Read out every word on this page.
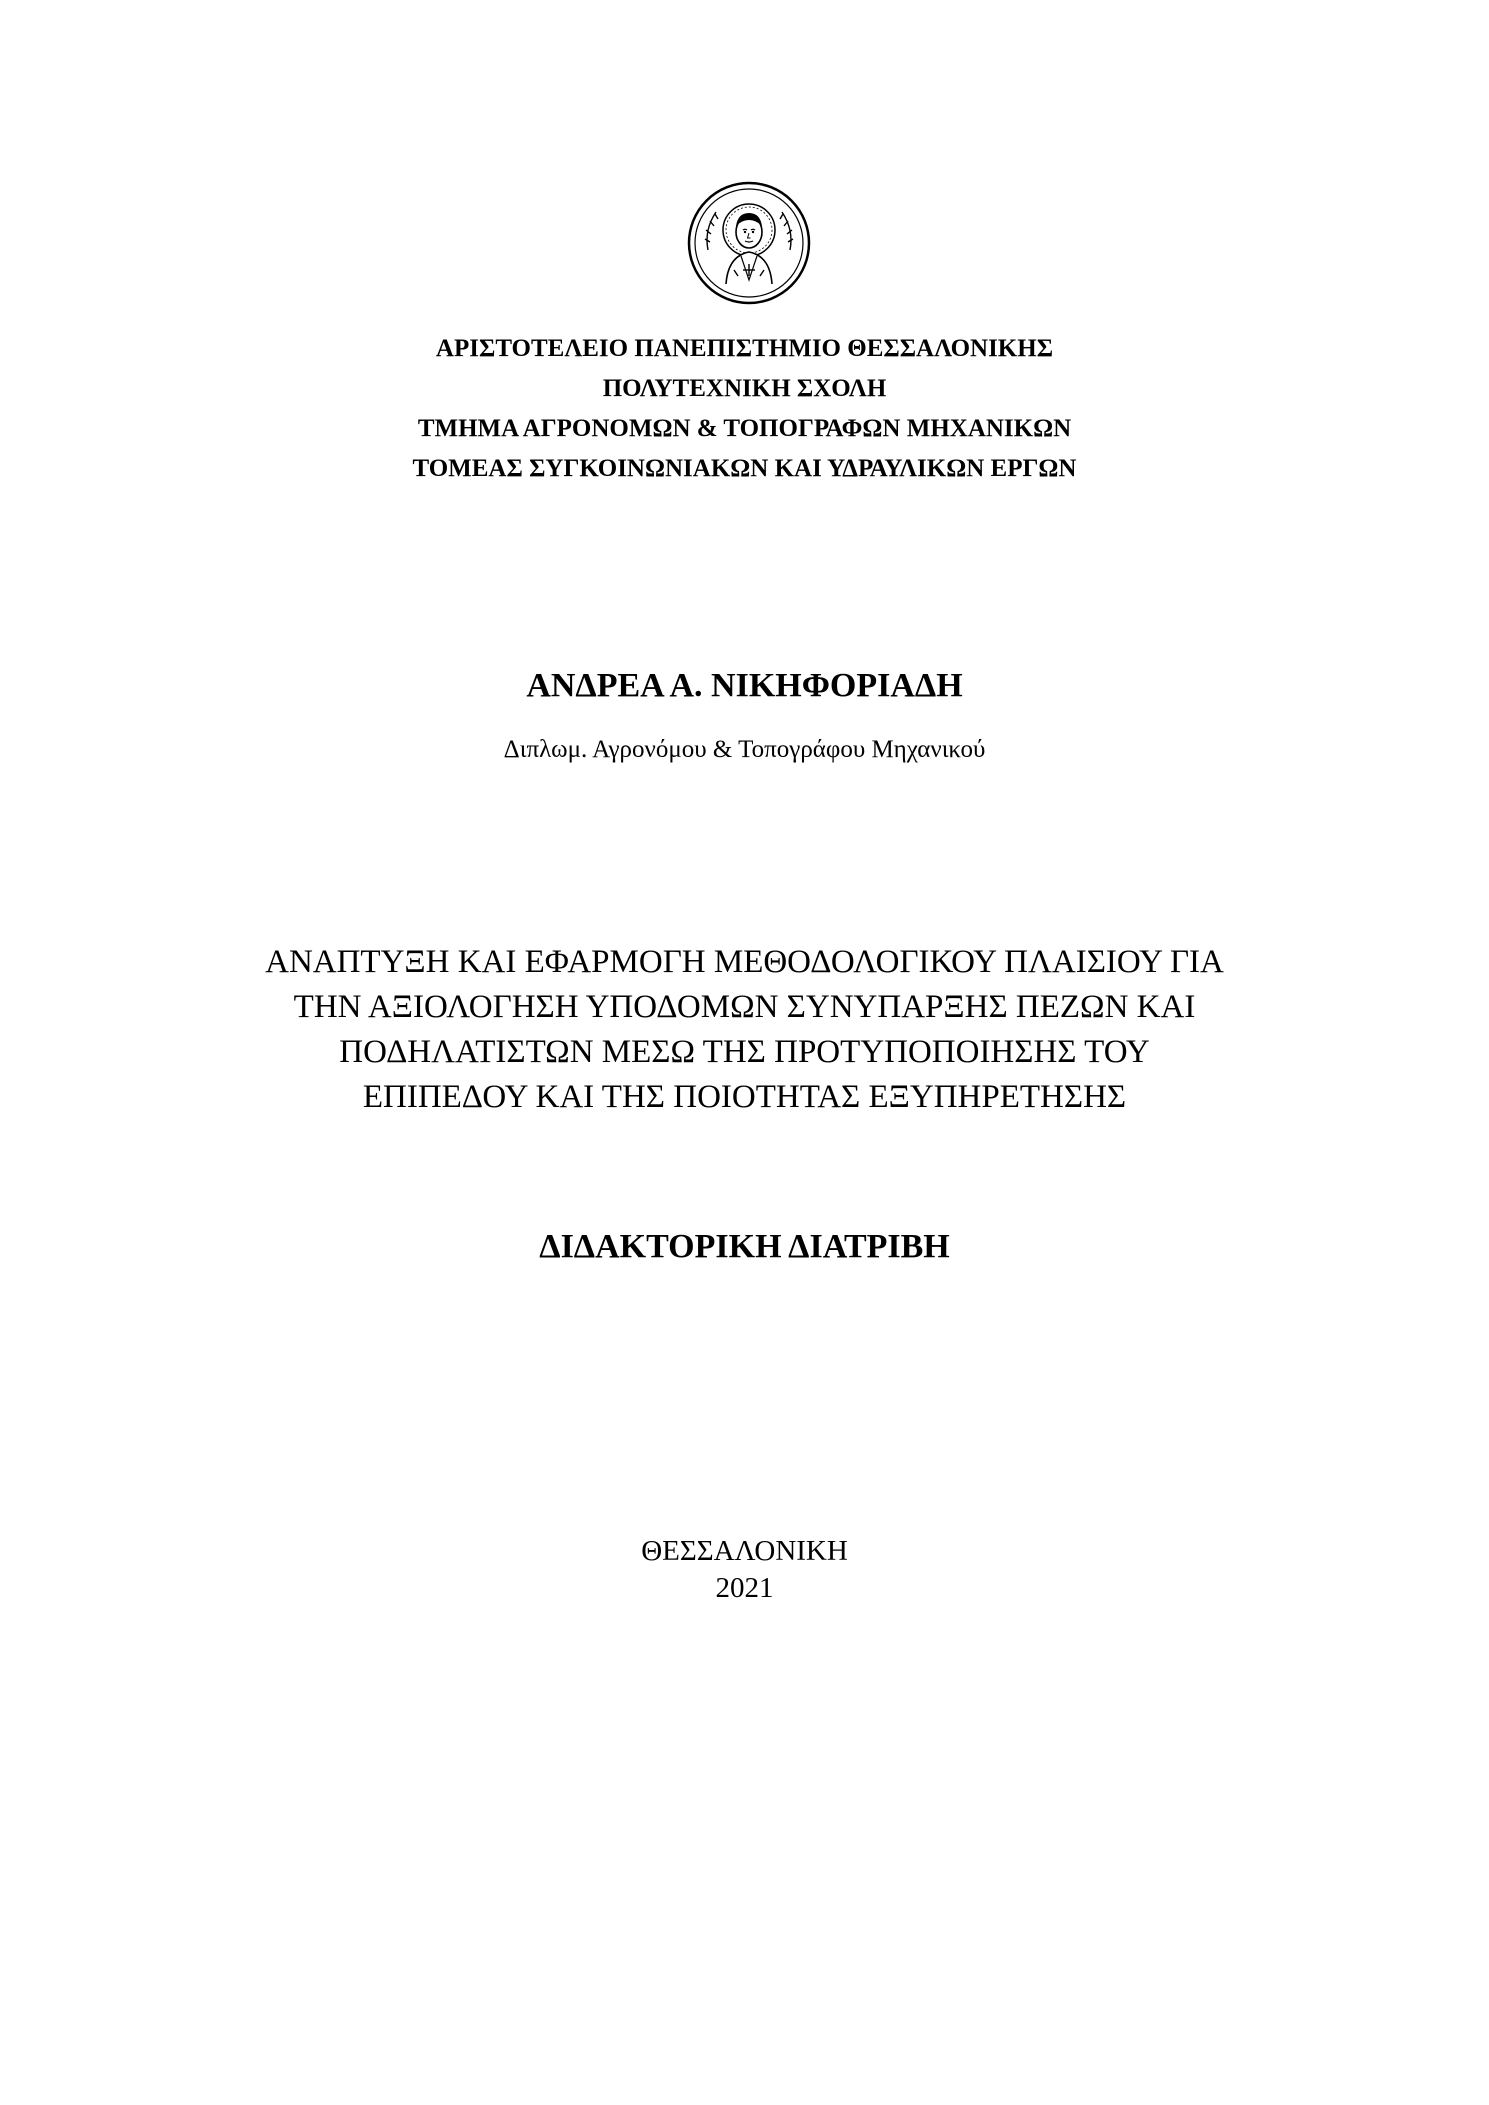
ΑΡΙΣΤΟΤΕΛΕΙΟ ΠΑΝΕΠΙΣΤΗΜΙΟ ΘΕΣΣΑΛΟΝΙΚΗΣ
ΠΟΛΥΤΕΧΝΙΚΗ ΣΧΟΛΗ
ΤΜΗΜΑ ΑΓΡΟΝΟΜΩΝ & ΤΟΠΟΓΡΑΦΩΝ ΜΗΧΑΝΙΚΩΝ
ΤΟΜΕΑΣ ΣΥΓΚΟΙΝΩΝΙΑΚΩΝ ΚΑΙ ΥΔΡΑΥΛΙΚΩΝ ΕΡΓΩΝ
ΑΝΔΡΕΑ Α. ΝΙΚΗΦΟΡΙΑΔΗ
Διπλωμ. Αγρονόμου & Τοπογράφου Μηχανικού
ΑΝΑΠΤΥΞΗ ΚΑΙ ΕΦΑΡΜΟΓΗ ΜΕΘΟΔΟΛΟΓΙΚΟΥ ΠΛΑΙΣΙΟΥ ΓΙΑ
ΤΗΝ ΑΞΙΟΛΟΓΗΣΗ ΥΠΟΔΟΜΩΝ ΣΥΝΥΠΑΡΞΗΣ ΠΕΖΩΝ ΚΑΙ
ΠΟΔΗΛΑΤΙΣΤΩΝ ΜΕΣΩ ΤΗΣ ΠΡΟΤΥΠΟΠΟΙΗΣΗΣ ΤΟΥ
ΕΠΙΠΕΔΟΥ ΚΑΙ ΤΗΣ ΠΟΙΟΤΗΤΑΣ ΕΞΥΠΗΡΕΤΗΣΗΣ
ΔΙΔΑΚΤΟΡΙΚΗ ΔΙΑΤΡΙΒΗ
ΘΕΣΣΑΛΟΝΙΚΗ
2021
